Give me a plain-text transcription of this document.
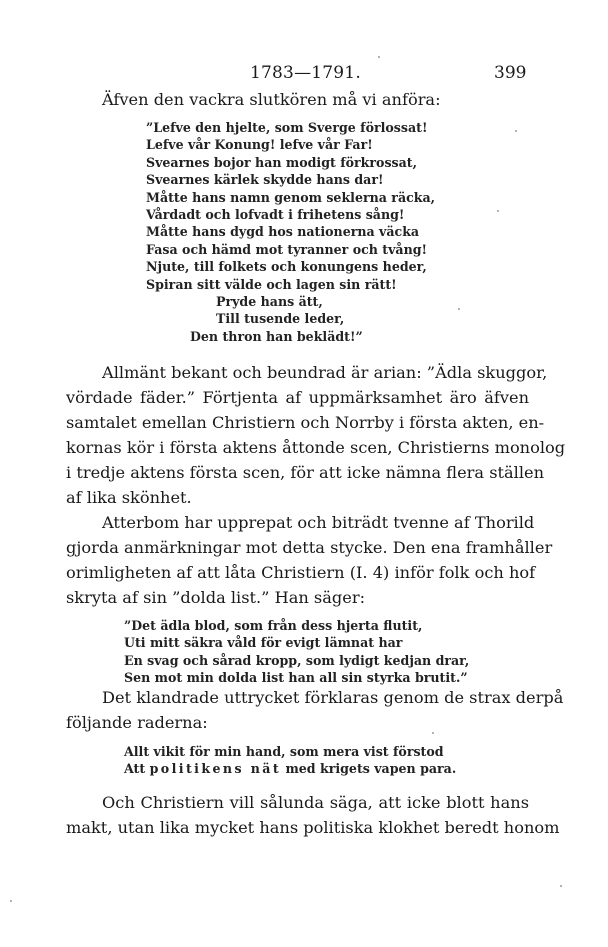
1783—1791.	399
Äfven den vackra slutkören må vi anföra:
”Lefve den hjelte, som Sverge förlossat!
Lefve vår Konung! lefve vår Far!
Svearnes bojor han modigt förkrossat,
Svearnes kärlek skydde hans dar!
Måtte hans namn genom seklerna räcka,
Vårdadt och lofvadt i frihetens sång!
Måtte hans dygd hos nationerna väcka
Fasa och hämd mot tyranner och tvång!
Njute, till folkets och konungens heder,
Spiran sitt välde och lagen sin rätt!
Pryde hans ätt,
Till tusende leder,
Den thron han beklädt!”
Allmänt bekant och beundrad är arian: ”Ädla skuggor,
vördade fäder.” Förtjenta af uppmärksamhet äro äfven
samtalet emellan Christiern och Norrby i första akten, en-
kornas kör i första aktens åttonde scen, Christierns monolog
i tredje aktens första scen, för att icke nämna flera ställen
af lika skönhet.
Atterbom har upprepat och biträdt tvenne af Thorild
gjorda anmärkningar mot detta stycke. Den ena framhåller
orimligheten af att låta Christiern (I. 4) inför folk och hof
skryta af sin ”dolda list.” Han säger:
”Det ädla blod, som från dess hjerta flutit,
Uti mitt säkra våld för evigt lämnat har
En svag och sårad kropp, som lydigt kedjan drar,
Sen mot min dolda list han all sin styrka brutit.”
Det klandrade uttrycket förklaras genom de strax derpå
följande raderna:
Allt vikit för min hand, som mera vist förstod
Att politikens nät med krigets vapen para.
Och Christiern vill sålunda säga, att icke blott hans
makt, utan lika mycket hans politiska klokhet beredt honom
